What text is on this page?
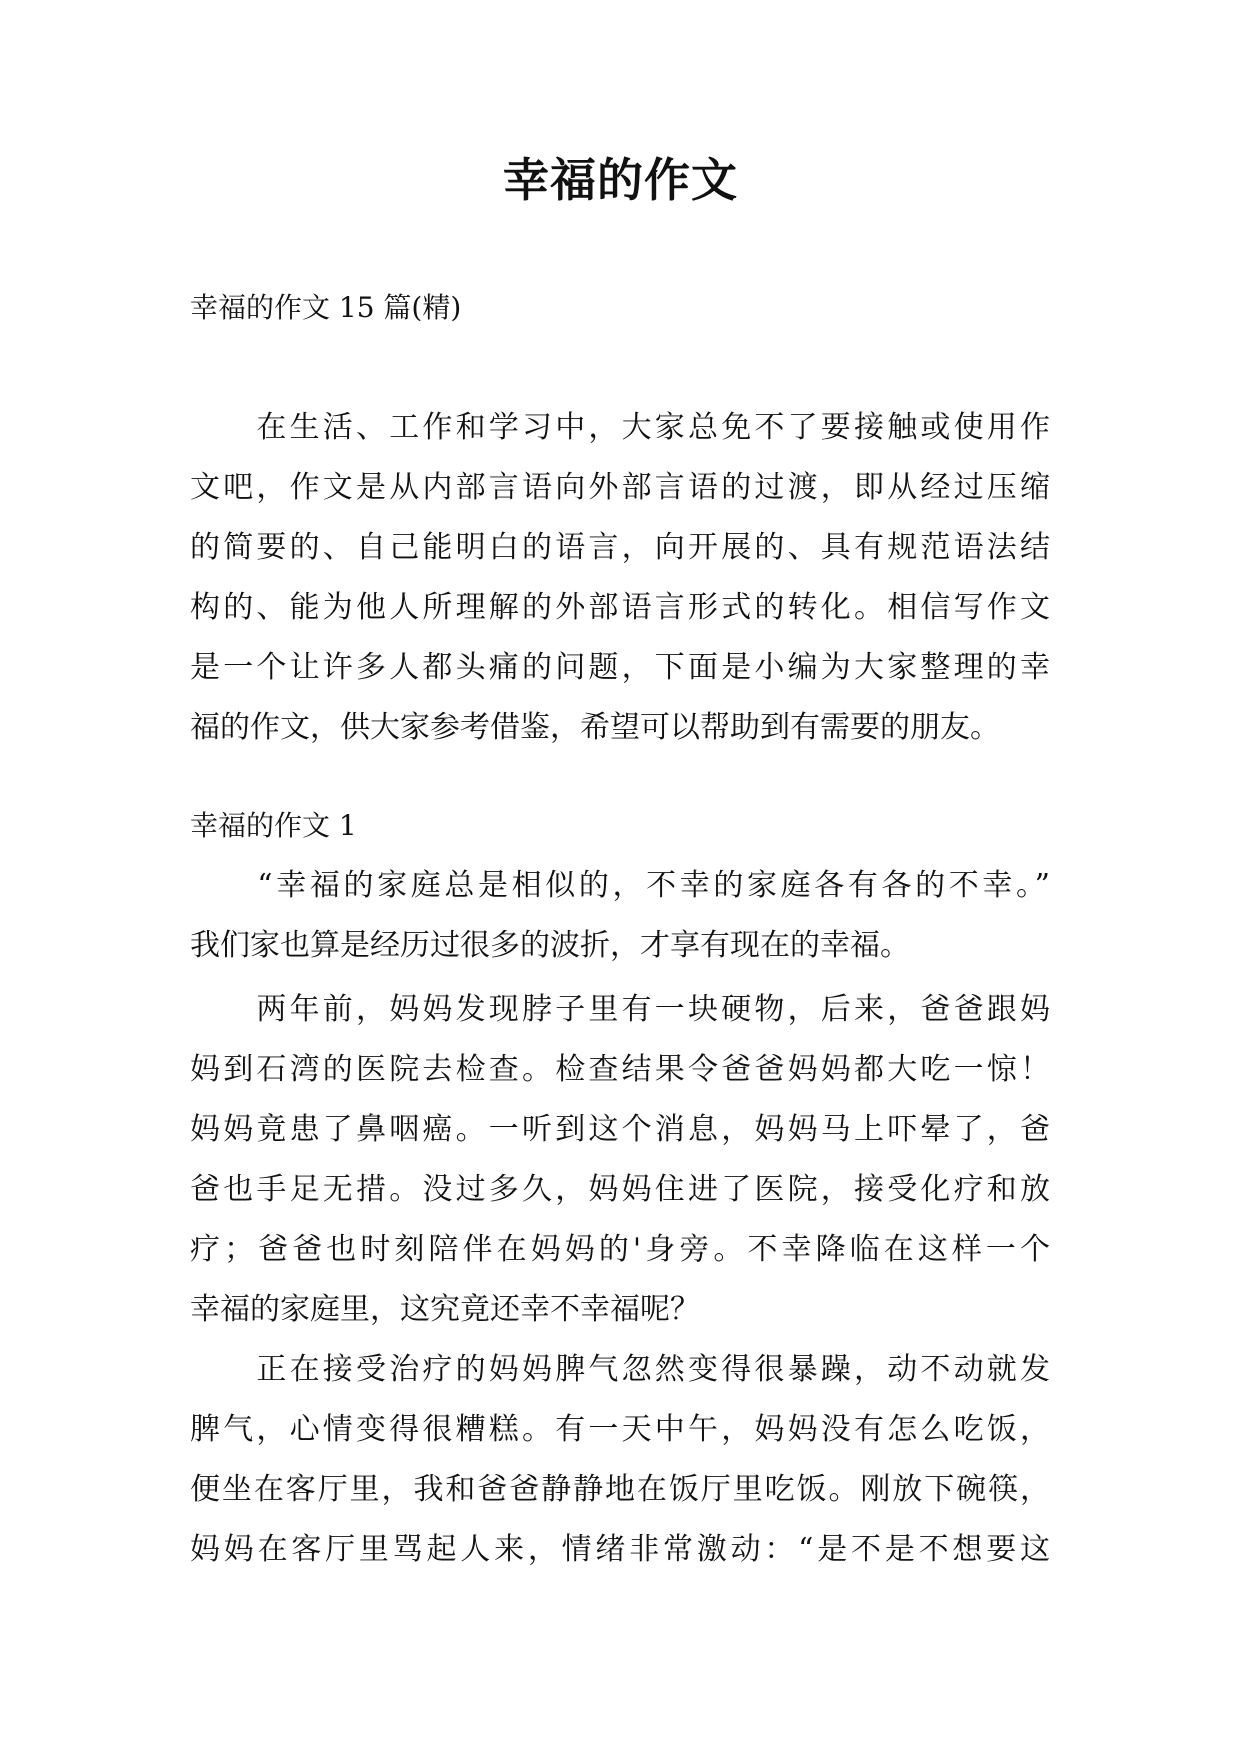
幸福的作文

幸福的作文 15 篇(精)

　　在生活、工作和学习中，大家总免不了要接触或使用作
文吧，作文是从内部言语向外部言语的过渡，即从经过压缩
的简要的、自己能明白的语言，向开展的、具有规范语法结
构的、能为他人所理解的外部语言形式的转化。相信写作文
是一个让许多人都头痛的问题，下面是小编为大家整理的幸
福的作文，供大家参考借鉴，希望可以帮助到有需要的朋友。

幸福的作文 1

　　“幸福的家庭总是相似的，不幸的家庭各有各的不幸。”
我们家也算是经历过很多的波折，才享有现在的幸福。
　　两年前，妈妈发现脖子里有一块硬物，后来，爸爸跟妈
妈到石湾的医院去检查。检查结果令爸爸妈妈都大吃一惊！
妈妈竟患了鼻咽癌。一听到这个消息，妈妈马上吓晕了，爸
爸也手足无措。没过多久，妈妈住进了医院，接受化疗和放
疗；爸爸也时刻陪伴在妈妈的'身旁。不幸降临在这样一个
幸福的家庭里，这究竟还幸不幸福呢？
　　正在接受治疗的妈妈脾气忽然变得很暴躁，动不动就发
脾气，心情变得很糟糕。有一天中午，妈妈没有怎么吃饭，
便坐在客厅里，我和爸爸静静地在饭厅里吃饭。刚放下碗筷，
妈妈在客厅里骂起人来，情绪非常激动：“是不是不想要这
